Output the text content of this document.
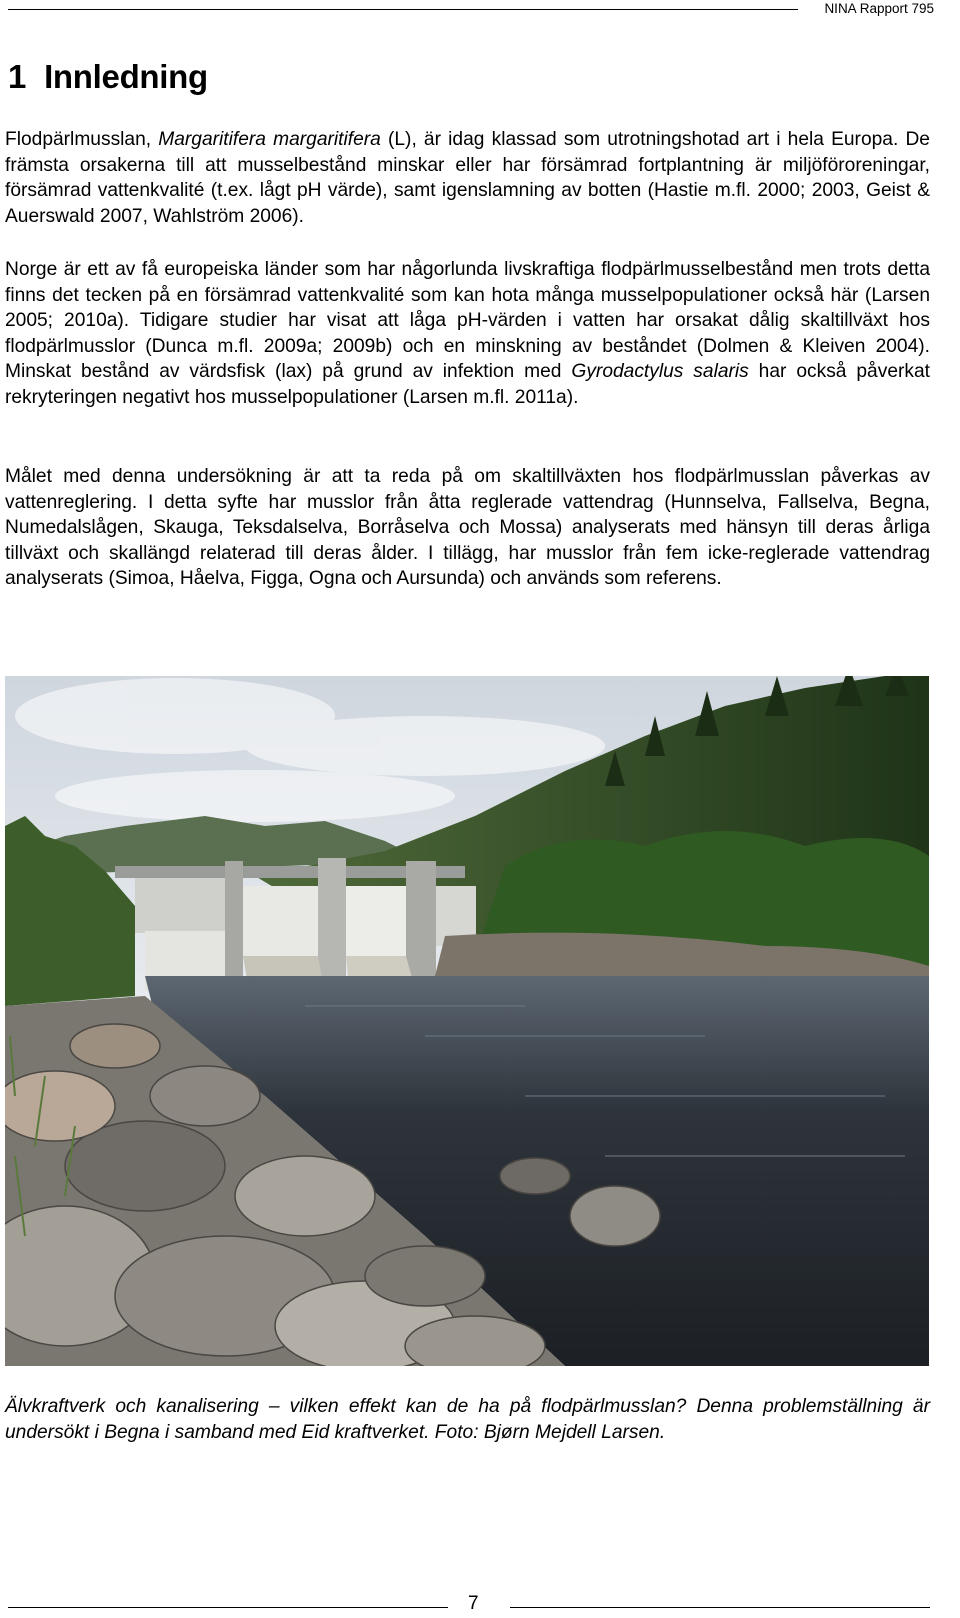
NINA Rapport 795
1 Innledning

Flodpärlmusslan, Margaritifera margaritifera (L), är idag klassad som utrotningshotad art i hela Europa. De främsta orsakerna till att musselbestånd minskar eller har försämrad fortplantning är miljöföroreningar, försämrad vattenkvalité (t.ex. lågt pH värde), samt igenslamning av botten (Hastie m.fl. 2000; 2003, Geist & Auerswald 2007, Wahlström 2006).

Norge är ett av få europeiska länder som har någorlunda livskraftiga flodpärlmusselbestånd men trots detta finns det tecken på en försämrad vattenkvalité som kan hota många musselpopulationer också här (Larsen 2005; 2010a). Tidigare studier har visat att låga pH-värden i vatten har orsakat dålig skaltillväxt hos flodpärlmusslor (Dunca m.fl. 2009a; 2009b) och en minskning av beståndet (Dolmen & Kleiven 2004). Minskat bestånd av värdsfisk (lax) på grund av infektion med Gyrodactylus salaris har också påverkat rekryteringen negativt hos musselpopulationer (Larsen m.fl. 2011a).

Målet med denna undersökning är att ta reda på om skaltillväxten hos flodpärlmusslan påverkas av vattenreglering. I detta syfte har musslor från åtta reglerade vattendrag (Hunnselva, Fallselva, Begna, Numedalslågen, Skauga, Teksdalselva, Borråselva och Mossa) analyserats med hänsyn till deras årliga tillväxt och skallängd relaterad till deras ålder. I tillägg, har musslor från fem icke-reglerade vattendrag analyserats (Simoa, Håelva, Figga, Ogna och Aursunda) och används som referens.

Älvkraftverk och kanalisering – vilken effekt kan de ha på flodpärlmusslan? Denna problemställning är undersökt i Begna i samband med Eid kraftverket. Foto: Bjørn Mejdell Larsen.

7
